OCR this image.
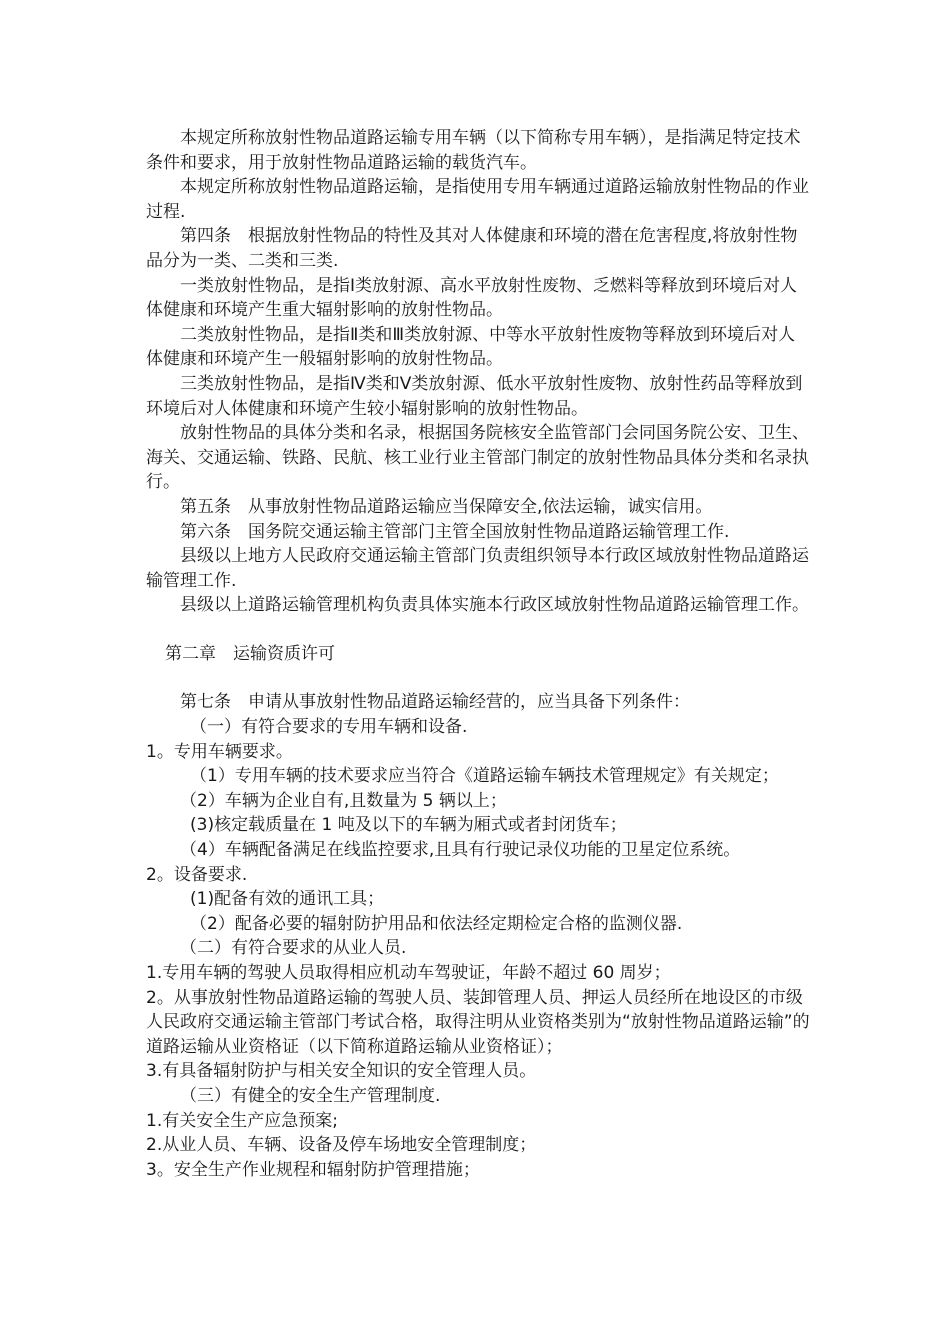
本规定所称放射性物品道路运输专用车辆（以下简称专用车辆），是指满足特定技术条件和要求，用于放射性物品道路运输的载货汽车。

本规定所称放射性物品道路运输，是指使用专用车辆通过道路运输放射性物品的作业过程.

第四条　根据放射性物品的特性及其对人体健康和环境的潜在危害程度,将放射性物品分为一类、二类和三类.

一类放射性物品，是指Ⅰ类放射源、高水平放射性废物、乏燃料等释放到环境后对人体健康和环境产生重大辐射影响的放射性物品。

二类放射性物品，是指Ⅱ类和Ⅲ类放射源、中等水平放射性废物等释放到环境后对人体健康和环境产生一般辐射影响的放射性物品。

三类放射性物品，是指Ⅳ类和Ⅴ类放射源、低水平放射性废物、放射性药品等释放到环境后对人体健康和环境产生较小辐射影响的放射性物品。

放射性物品的具体分类和名录，根据国务院核安全监管部门会同国务院公安、卫生、海关、交通运输、铁路、民航、核工业行业主管部门制定的放射性物品具体分类和名录执行。

第五条　从事放射性物品道路运输应当保障安全,依法运输，诚实信用。

第六条　国务院交通运输主管部门主管全国放射性物品道路运输管理工作.

县级以上地方人民政府交通运输主管部门负责组织领导本行政区域放射性物品道路运输管理工作.

县级以上道路运输管理机构负责具体实施本行政区域放射性物品道路运输管理工作。

第二章　运输资质许可

第七条　申请从事放射性物品道路运输经营的，应当具备下列条件：

（一）有符合要求的专用车辆和设备.

1。专用车辆要求。

（1）专用车辆的技术要求应当符合《道路运输车辆技术管理规定》有关规定；

（2）车辆为企业自有,且数量为 5 辆以上；

(3)核定载质量在 1 吨及以下的车辆为厢式或者封闭货车；

（4）车辆配备满足在线监控要求,且具有行驶记录仪功能的卫星定位系统。

2。设备要求.

(1)配备有效的通讯工具；

（2）配备必要的辐射防护用品和依法经定期检定合格的监测仪器.

（二）有符合要求的从业人员.

1.专用车辆的驾驶人员取得相应机动车驾驶证，年龄不超过 60 周岁；

2。从事放射性物品道路运输的驾驶人员、装卸管理人员、押运人员经所在地设区的市级人民政府交通运输主管部门考试合格，取得注明从业资格类别为“放射性物品道路运输”的道路运输从业资格证（以下简称道路运输从业资格证）；

3.有具备辐射防护与相关安全知识的安全管理人员。

（三）有健全的安全生产管理制度.

1.有关安全生产应急预案;

2.从业人员、车辆、设备及停车场地安全管理制度；

3。安全生产作业规程和辐射防护管理措施；
